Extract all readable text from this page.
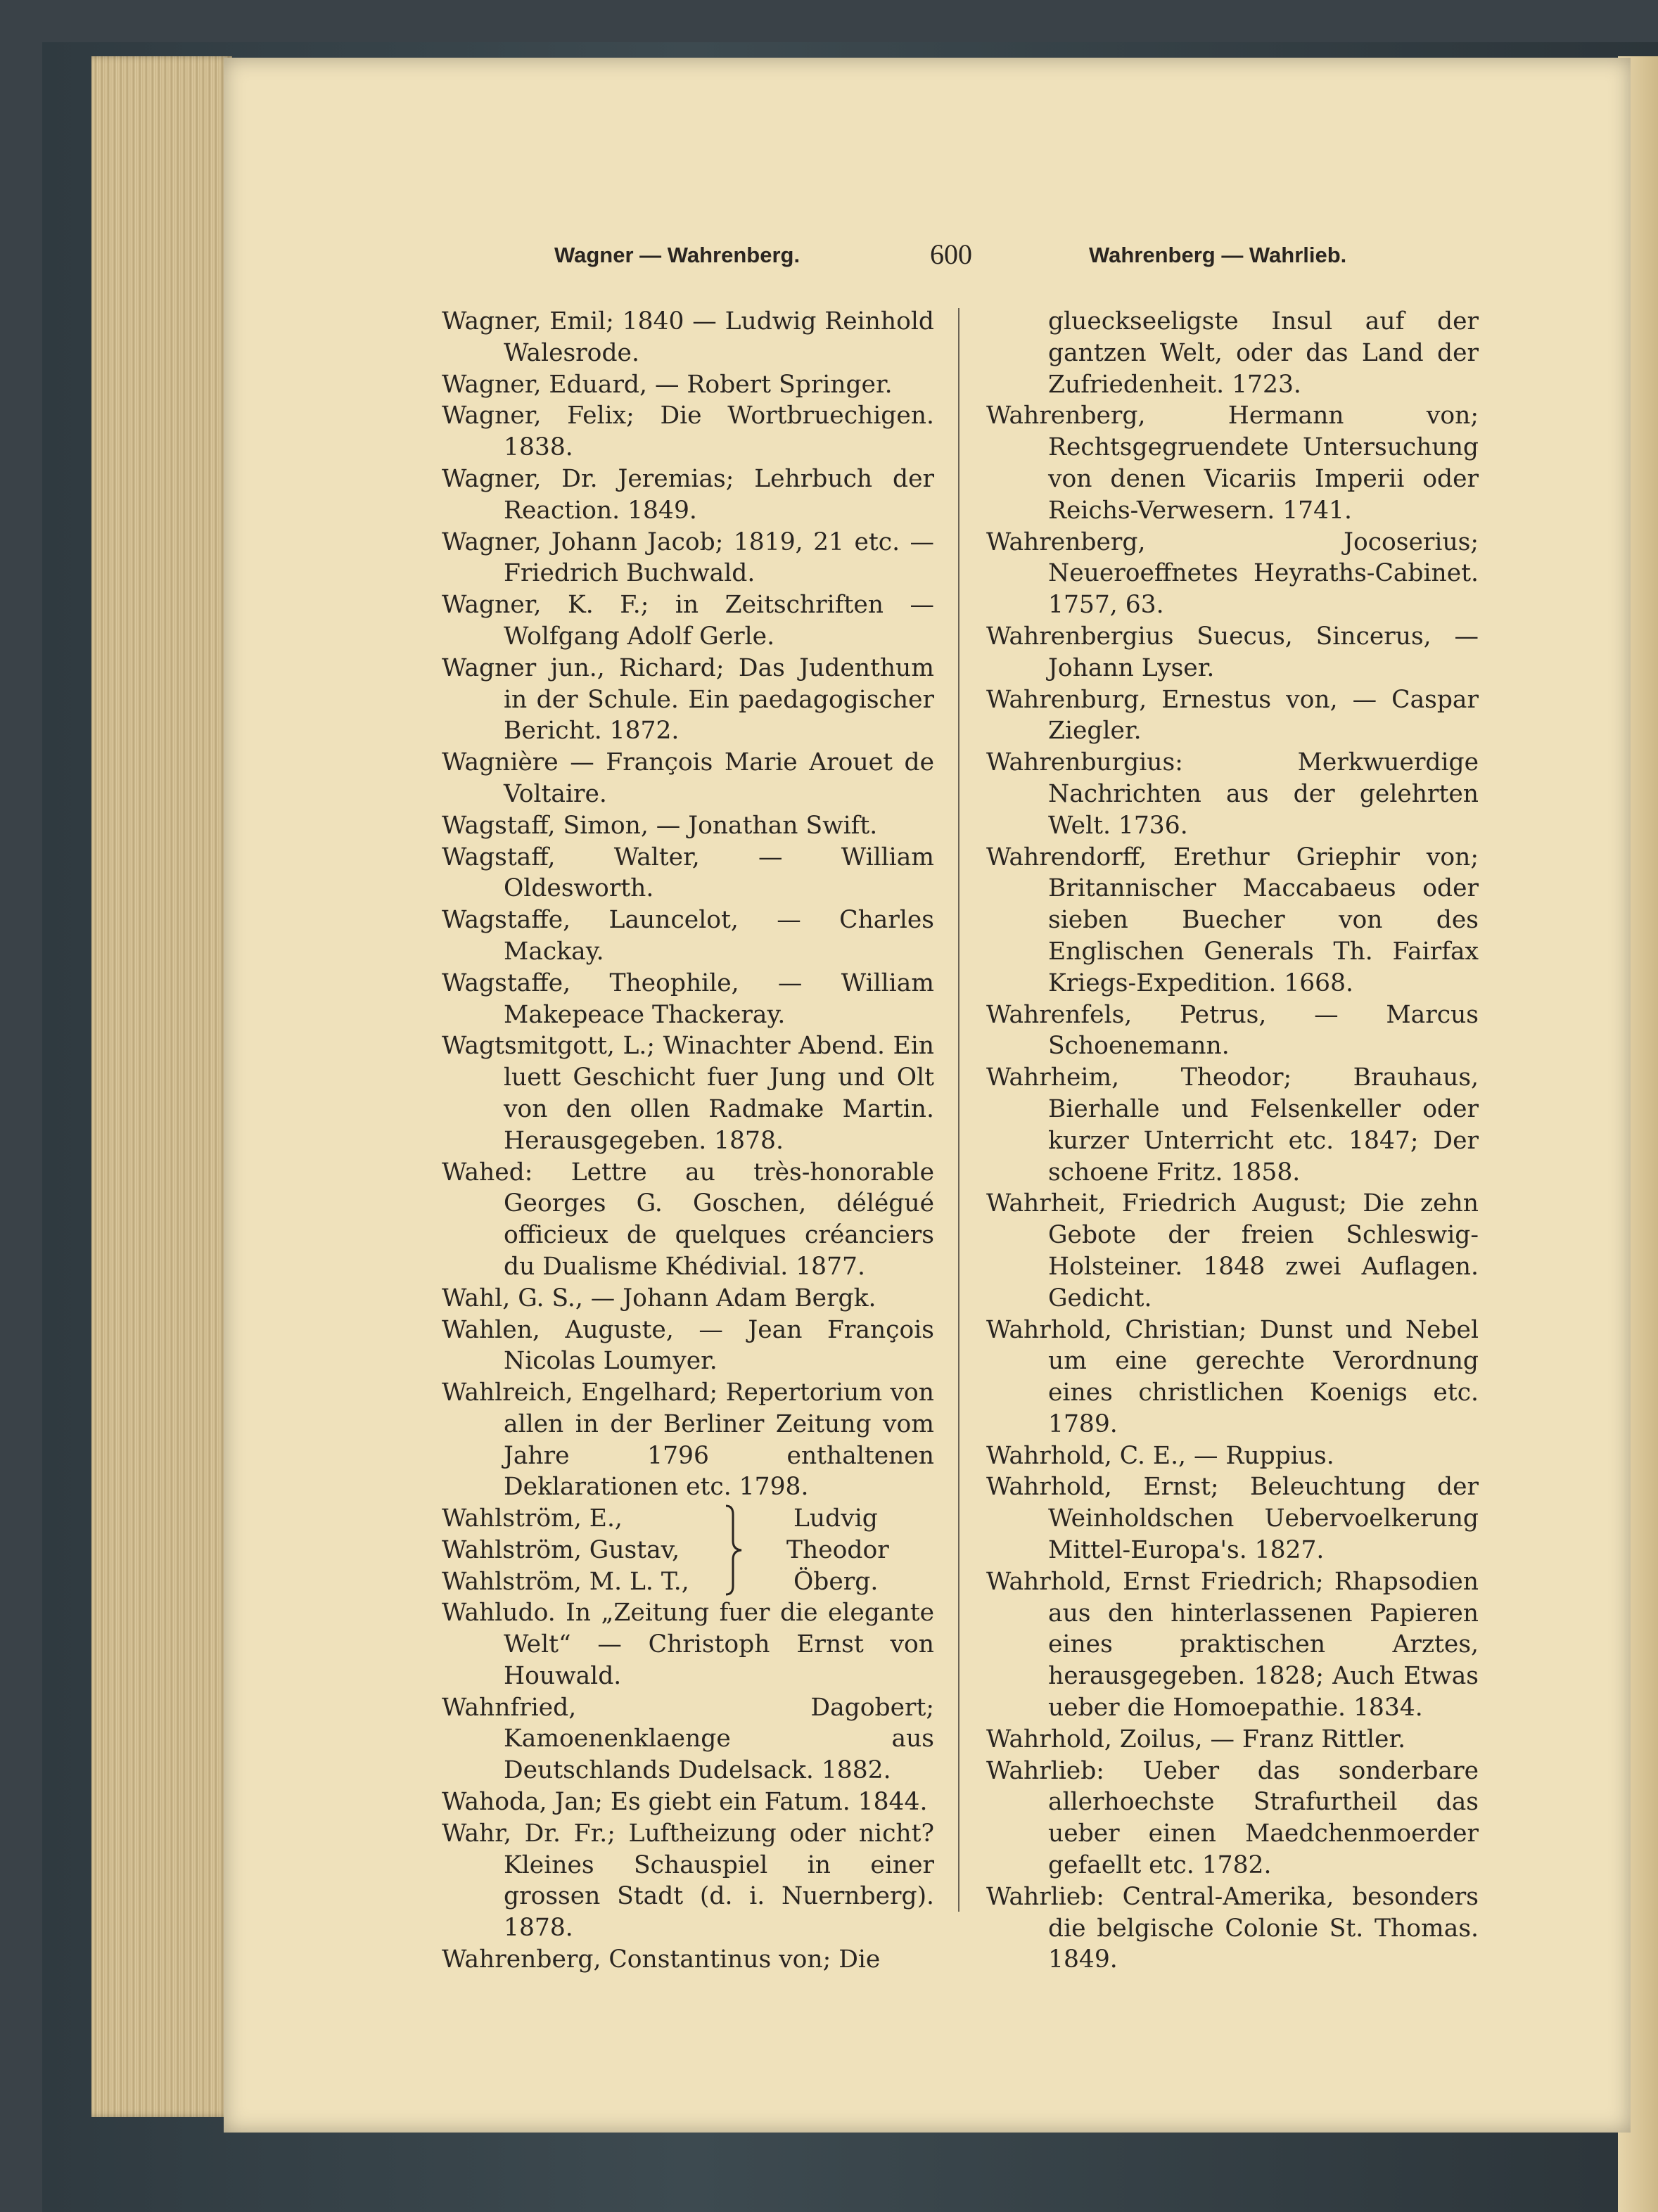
Wagner — Wahrenberg.	600	Wahrenberg — Wahrlieb.

Wagner, Emil; 1840 — Ludwig Reinhold Walesrode.

Wagner, Eduard, — Robert Springer.

Wagner, Felix; Die Wortbruechigen. 1838.

Wagner, Dr. Jeremias; Lehrbuch der Reaction. 1849.

Wagner, Johann Jacob; 1819, 21 etc. — Friedrich Buchwald.

Wagner, K. F.; in Zeitschriften — Wolfgang Adolf Gerle.

Wagner jun., Richard; Das Judenthum in der Schule. Ein paedagogischer Bericht. 1872.

Wagnière — François Marie Arouet de Voltaire.

Wagstaff, Simon, — Jonathan Swift.

Wagstaff, Walter, — William Oldesworth.

Wagstaffe, Launcelot, — Charles Mackay.

Wagstaffe, Theophile, — William Makepeace Thackeray.

Wagtsmitgott, L.; Winachter Abend. Ein luett Geschicht fuer Jung und Olt von den ollen Radmake Martin. Herausgegeben. 1878.

Wahed: Lettre au très-honorable Georges G. Goschen, délégué officieux de quelques créanciers du Dualisme Khédivial. 1877.

Wahl, G. S., — Johann Adam Bergk.

Wahlen, Auguste, — Jean François Nicolas Loumyer.

Wahlreich, Engelhard; Repertorium von allen in der Berliner Zeitung vom Jahre 1796 enthaltenen Deklarationen etc. 1798.

Wahlström, E.,
Wahlström, Gustav,
Wahlström, M. L. T.,
Ludvig
Theodor
Öberg.

Wahludo. In „Zeitung fuer die elegante Welt“ — Christoph Ernst von Houwald.

Wahnfried, Dagobert; Kamoenenklaenge aus Deutschlands Dudelsack. 1882.

Wahoda, Jan; Es giebt ein Fatum. 1844.

Wahr, Dr. Fr.; Luftheizung oder nicht? Kleines Schauspiel in einer grossen Stadt (d. i. Nuernberg). 1878.

Wahrenberg, Constantinus von; Die

glueckseeligste Insul auf der gantzen Welt, oder das Land der Zufriedenheit. 1723.

Wahrenberg, Hermann von; Rechtsgegruendete Untersuchung von denen Vicariis Imperii oder Reichs-Verwesern. 1741.

Wahrenberg, Jocoserius; Neueroeffnetes Heyraths-Cabinet. 1757, 63.

Wahrenbergius Suecus, Sincerus, — Johann Lyser.

Wahrenburg, Ernestus von, — Caspar Ziegler.

Wahrenburgius: Merkwuerdige Nachrichten aus der gelehrten Welt. 1736.

Wahrendorff, Erethur Griephir von; Britannischer Maccabaeus oder sieben Buecher von des Englischen Generals Th. Fairfax Kriegs-Expedition. 1668.

Wahrenfels, Petrus, — Marcus Schoenemann.

Wahrheim, Theodor; Brauhaus, Bierhalle und Felsenkeller oder kurzer Unterricht etc. 1847; Der schoene Fritz. 1858.

Wahrheit, Friedrich August; Die zehn Gebote der freien Schleswig-Holsteiner. 1848 zwei Auflagen. Gedicht.

Wahrhold, Christian; Dunst und Nebel um eine gerechte Verordnung eines christlichen Koenigs etc. 1789.

Wahrhold, C. E., — Ruppius.

Wahrhold, Ernst; Beleuchtung der Weinholdschen Uebervoelkerung Mittel-Europa's. 1827.

Wahrhold, Ernst Friedrich; Rhapsodien aus den hinterlassenen Papieren eines praktischen Arztes, herausgegeben. 1828; Auch Etwas ueber die Homoepathie. 1834.

Wahrhold, Zoilus, — Franz Rittler.

Wahrlieb: Ueber das sonderbare allerhoechste Strafurtheil das ueber einen Maedchenmoerder gefaellt etc. 1782.

Wahrlieb: Central-Amerika, besonders die belgische Colonie St. Thomas. 1849.
